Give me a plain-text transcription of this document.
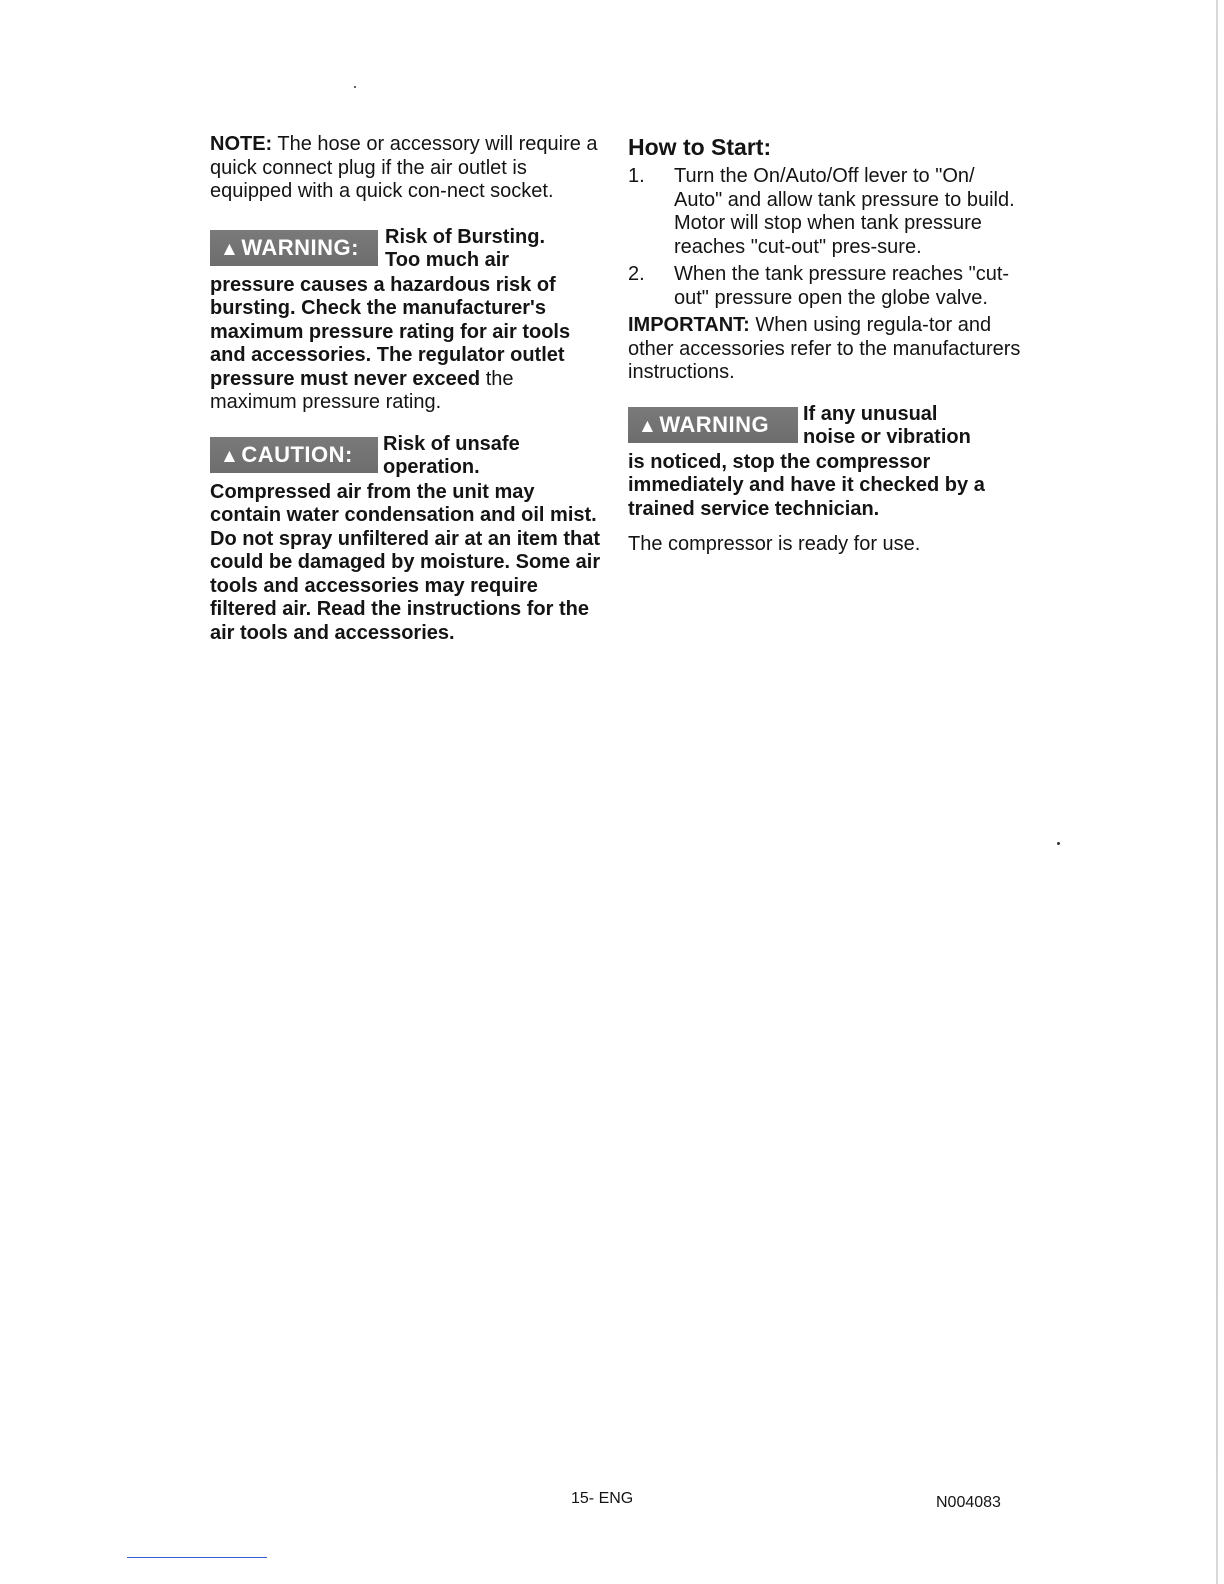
NOTE: The hose or accessory will require a quick connect plug if the air outlet is equipped with a quick con-nect socket.

▲WARNING:	Risk of Bursting.
Too much air

pressure causes a hazardous risk of bursting. Check the manufacturer's maximum pressure rating for air tools and accessories. The regulator outlet pressure must never exceed the maximum pressure rating.

▲CAUTION:	Risk of unsafe
operation.

Compressed air from the unit may contain water condensation and oil mist. Do not spray unfiltered air at an item that could be damaged by moisture. Some air tools and accessories may require filtered air. Read the instructions for the air tools and accessories.

How to Start:
1. Turn the On/Auto/Off lever to "On/ Auto" and allow tank pressure to build. Motor will stop when tank pressure reaches "cut-out" pres-sure.
2. When the tank pressure reaches "cut-out" pressure open the globe valve.

IMPORTANT: When using regula-tor and other accessories refer to the manufacturers instructions.

▲WARNING	If any unusual
noise or vibration

is noticed, stop the compressor immediately and have it checked by a trained service technician.

The compressor is ready for use.

15- ENG	N004083
